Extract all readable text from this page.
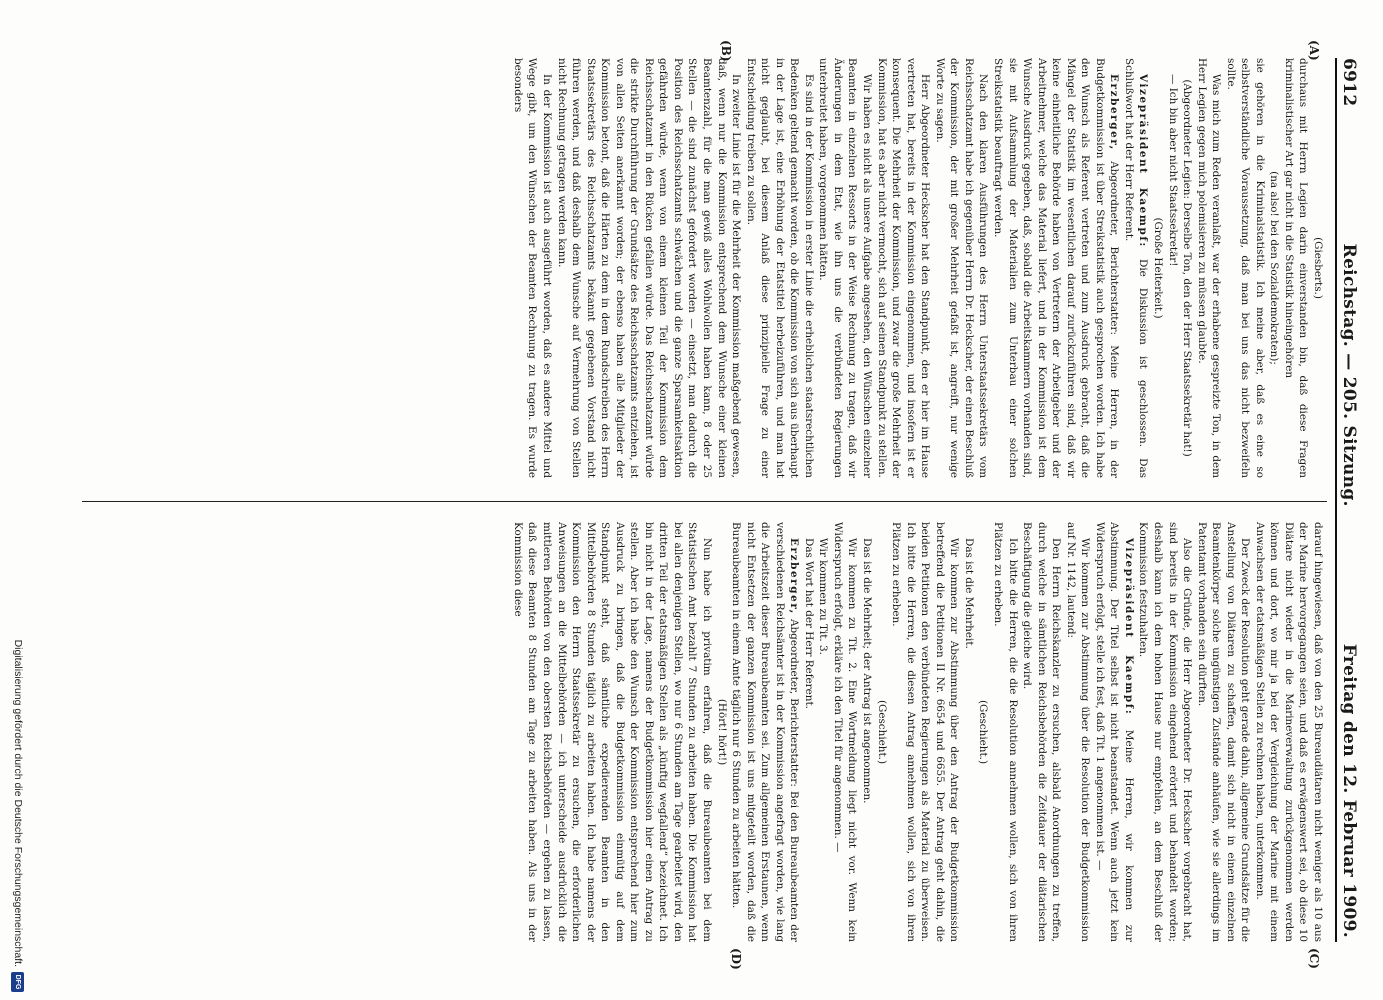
6912
Reichstag. — 205. Sitzung.
Freitag den 12. Februar 1909.
(A)
(B)
(C)
(D)

(Giesberts.)

durchaus mit Herrn Legien darin einverstanden bin, daß diese Fragen kriminalistischer Art gar nicht in die Statistik hineingehören

(na also! bei den Sozialdemokraten);

sie gehören in die Kriminalstatistik. Ich meine aber, daß es eine so selbstverständliche Voraussetzung, daß man bei uns das nicht bezweifeln sollte.

Was mich zum Reden veranlaßt, war der erhabene gespreizte Ton, in dem Herr Legien gegen mich polemisieren zu müssen glaubte.

(Abgeordneter Legien: Derselbe Ton, den der Herr Staatssekretär hat!)

— Ich bin aber nicht Staatssekretär!

(Große Heiterkeit.)

Vizepräsident Kaempf: Die Diskussion ist geschlossen. Das Schlußwort hat der Herr Referent.

Erzberger, Abgeordneter, Berichterstatter: Meine Herren, in der Budgetkommission ist über Streikstatistik auch gesprochen worden. Ich habe den Wunsch als Referent vertreten und zum Ausdruck gebracht, daß die Mängel der Statistik im wesentlichen darauf zurückzuführen sind, daß wir keine einheitliche Behörde haben von Vertretern der Arbeitgeber und der Arbeitnehmer, welche das Material liefert, und in der Kommission ist dem Wunsche Ausdruck gegeben, daß, sobald die Arbeitskammern vorhanden sind, sie mit Aufsammlung der Materialien zum Unterbau einer solchen Streikstatistik beauftragt werden.

Nach den klaren Ausführungen des Herrn Unterstaatssekretärs vom Reichsschatzamt habe ich gegenüber Herrn Dr. Heckscher, der einen Beschluß der Kommission, der mit großer Mehrheit gefaßt ist, angreift, nur wenige Worte zu sagen.

Herr Abgeordneter Heckscher hat den Standpunkt, den er hier im Hause vertreten hat, bereits in der Kommission eingenommen, und insofern ist er konsequent. Die Mehrheit der Kommission, und zwar die große Mehrheit der Kommission, hat es aber nicht vermocht, sich auf seinen Standpunkt zu stellen.

Wir haben es nicht als unsere Aufgabe angesehen, den Wünschen einzelner Beamten in einzelnen Ressorts in der Weise Rechnung zu tragen, daß wir Änderungen in dem Etat, wie ihn uns die verbündeten Regierungen unterbreitet haben, vorgenommen hätten.

Es sind in der Kommission in erster Linie die erheblichen staatsrechtlichen Bedenken geltend gemacht worden, ob die Kommission von sich aus überhaupt in der Lage ist, eine Erhöhung der Etatstitel herbeizuführen, und man hat nicht geglaubt, bei diesem Anlaß diese prinzipielle Frage zu einer Entscheidung treiben zu sollen.

In zweiter Linie ist für die Mehrheit der Kommission maßgebend gewesen, daß, wenn nur die Kommission entsprechend dem Wunsche einer kleinen Beamtenzahl, für die man gewiß alles Wohlwollen haben kann, 8 oder 25 Stellen — die sind zunächst gefordert worden — einsetzt, man dadurch die Position des Reichsschatzamts schwächen und die ganze Sparsamkeitsaktion gefährden würde, wenn von einem kleinen Teil der Kommission dem Reichsschatzamt in den Rücken gefallen würde. Das Reichsschatzamt würde die strikte Durchführung der Grundsätze des Reichsschatzamts entziehen, ist von allen Seiten anerkannt worden; der ebenso haben alle Mitglieder der Kommission betont, daß die Härten zu dem in dem Rundschreiben des Herrn Staatssekretärs des Reichsschatzamts bekannt gegebenen Vorstand nicht führen werden, und daß deshalb dem Wunsche auf Vermehrung von Stellen nicht Rechnung getragen werden kann.

In der Kommission ist auch ausgeführt worden, daß es andere Mittel und Wege gibt, um den Wünschen der Beamten Rechnung zu tragen. Es wurde besonders

darauf hingewiesen, daß von den 25 Bureaudiätaren nicht weniger als 10 aus der Marine hervorgegangen seien, und daß es erwägenswert sei, ob diese 10 Diätare nicht wieder in die Marineverwaltung zurückgenommen werden können und dort, wo mir ja bei der Vergleichung der Marine mit einem Anwachsen der etatsmäßigen Stellen zu rechnen haben, unterkommen.

Der Zweck der Resolution geht gerade dahin, allgemeine Grundsätze für die Anstellung von Diätaren zu schaffen, damit sich nicht in einem einzelnen Beamtenkörper solche ungünstigen Zustände anhäufen, wie sie allerdings im Patentamt vorhanden sein dürften.

Also die Gründe, die Herr Abgeordneter Dr. Heckscher vorgebracht hat, sind bereits in der Kommission eingehend erörtert und behandelt worden; deshalb kann ich dem hohen Hause nur empfehlen, an dem Beschluß der Kommission festzuhalten.

Vizepräsident Kaempf: Meine Herren, wir kommen zur Abstimmung. Der Titel selbst ist nicht beanstandet. Wenn auch jetzt kein Widerspruch erfolgt, stelle ich fest, daß Tit. 1 angenommen ist. —

Wir kommen zur Abstimmung über die Resolution der Budgetkommission auf Nr. 1142, lautend:

Den Herrn Reichskanzler zu ersuchen, alsbald Anordnungen zu treffen, durch welche in sämtlichen Reichsbehörden die Zeitdauer der diätarischen Beschäftigung die gleiche wird.

Ich bitte die Herren, die die Resolution annehmen wollen, sich von ihren Plätzen zu erheben.

(Geschieht.)

Das ist die Mehrheit.

Wir kommen zur Abstimmung über den Antrag der Budgetkommission betreffend die Petitionen II Nr. 6654 und 6655. Der Antrag geht dahin, die beiden Petitionen den verbündeten Regierungen als Material zu überweisen. Ich bitte die Herren, die diesen Antrag annehmen wollen, sich von ihren Plätzen zu erheben.

(Geschieht.)

Das ist die Mehrheit; der Antrag ist angenommen.

Wir kommen zu Tit. 2. Eine Wortmeldung liegt nicht vor. Wenn kein Widerspruch erfolgt, erkläre ich den Titel für angenommen. —

Wir kommen zu Tit. 3.

Das Wort hat der Herr Referent.

Erzberger, Abgeordneter, Berichterstatter: Bei den Bureaubeamten der verschiedenen Reichsämter ist in der Kommission angefragt worden, wie lang die Arbeitszeit dieser Bureaubeamten sei. Zum allgemeinen Erstaunen, wenn nicht Entsetzen der ganzen Kommission ist uns mitgeteilt worden, daß die Bureaubeamten in einem Amte täglich nur 6 Stunden zu arbeiten hätten.

(Hört! hört!)

Nun habe ich privatim erfahren, daß die Bureaubeamten bei dem Statistischen Amt bezahlt 7 Stunden zu arbeiten haben. Die Kommission hat bei allen denjenigen Stellen, wo nur 6 Stunden am Tage gearbeitet wird, den dritten Teil der etatsmäßigen Stellen als „künftig wegfallend“ bezeichnet. Ich bin nicht in der Lage, namens der Budgetkommission hier einen Antrag zu stellen. Aber ich habe den Wunsch der Kommission entsprechend hier zum Ausdruck zu bringen, daß die Budgetkommission einmütig auf dem Standpunkt steht, daß sämtliche expedierenden Beamten in den Mittelbehörden 8 Stunden täglich zu arbeiten haben. Ich habe namens der Kommission den Herrn Staatssekretär zu ersuchen, die erforderlichen Anweisungen an die Mittelbehörden — ich unterscheide ausdrücklich die mittleren Behörden von den obersten Reichsbehörden — ergehen zu lassen, daß diese Beamten 8 Stunden am Tage zu arbeiten haben. Als uns in der Kommission diese

Digitalisierung gefördert durch die Deutsche Forschungsgemeinschaft.
DFG
